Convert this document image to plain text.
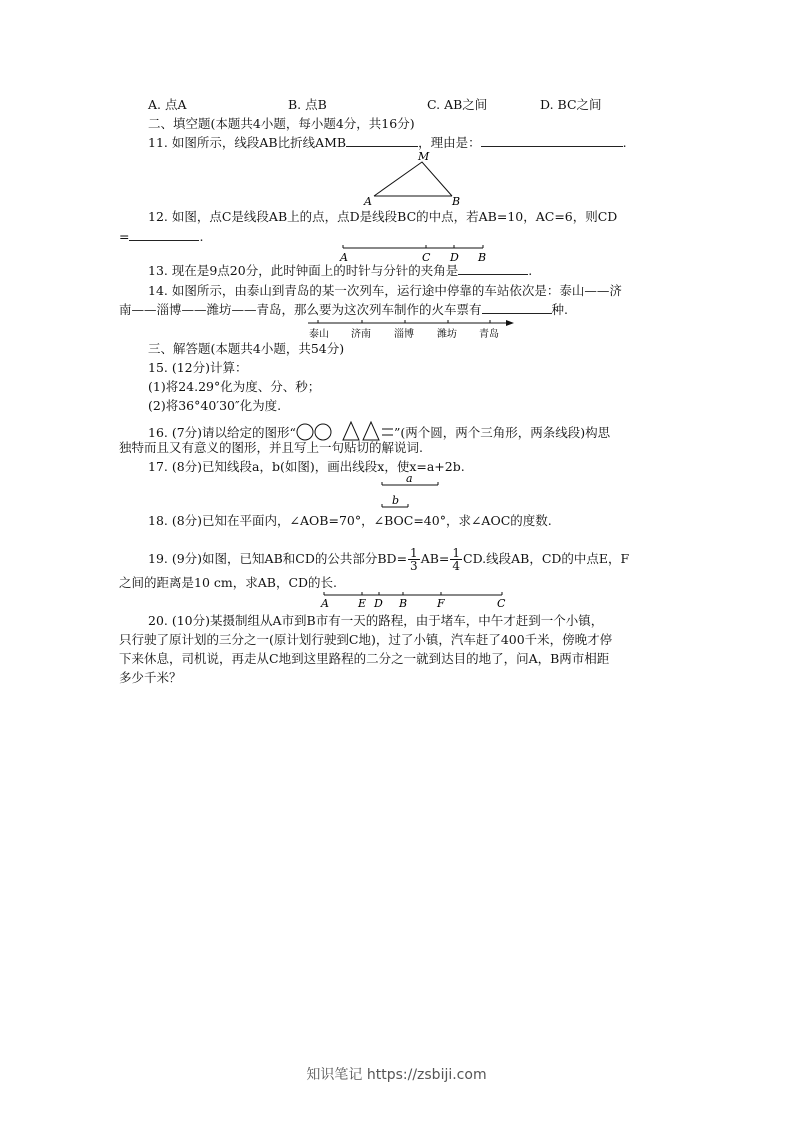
A. 点A	B. 点B	C. AB之间	D. BC之间
二、填空题(本题共4小题，每小题4分，共16分)
11. 如图所示，线段AB比折线AMB	，理由是：	.
M
A	B
12. 如图，点C是线段AB上的点，点D是线段BC的中点，若AB=10，AC=6，则CD
=	.
A	C D B
13. 现在是9点20分，此时钟面上的时针与分针的夹角是	.
14. 如图所示，由泰山到青岛的某一次列车，运行途中停靠的车站依次是：泰山——济
南——淄博——潍坊——青岛，那么要为这次列车制作的火车票有	种.
泰山 济南 淄博 潍坊 青岛
三、解答题(本题共4小题，共54分)
15. (12分)计算：
(1)将24.29°化为度、分、秒；
(2)将36°40′30″化为度.
16. (7分)请以给定的图形“	”(两个圆，两个三角形，两条线段)构思
独特而且又有意义的图形，并且写上一句贴切的解说词.
17. (8分)已知线段a，b(如图)，画出线段x，使x=a+2b.
a
b
18. (8分)已知在平面内，∠AOB=70°，∠BOC=40°，求∠AOC的度数.
19. (9分)如图，已知AB和CD的公共部分$BD= \frac{1}{3} AB= \frac{1}{4}$ CD.线段AB，CD的中点E，F
之间的距离是10 cm，求AB，CD的长.
A	E D B	F	C
20. (10分)某摄制组从A市到B市有一天的路程，由于堵车，中午才赶到一个小镇，
只行驶了原计划的三分之一(原计划行驶到C地)，过了小镇，汽车赶了400千米，傍晚才停
下来休息，司机说，再走从C地到这里路程的二分之一就到达目的地了，问A，B两市相距
多少千米？
知识笔记 https://zsbiji.com
